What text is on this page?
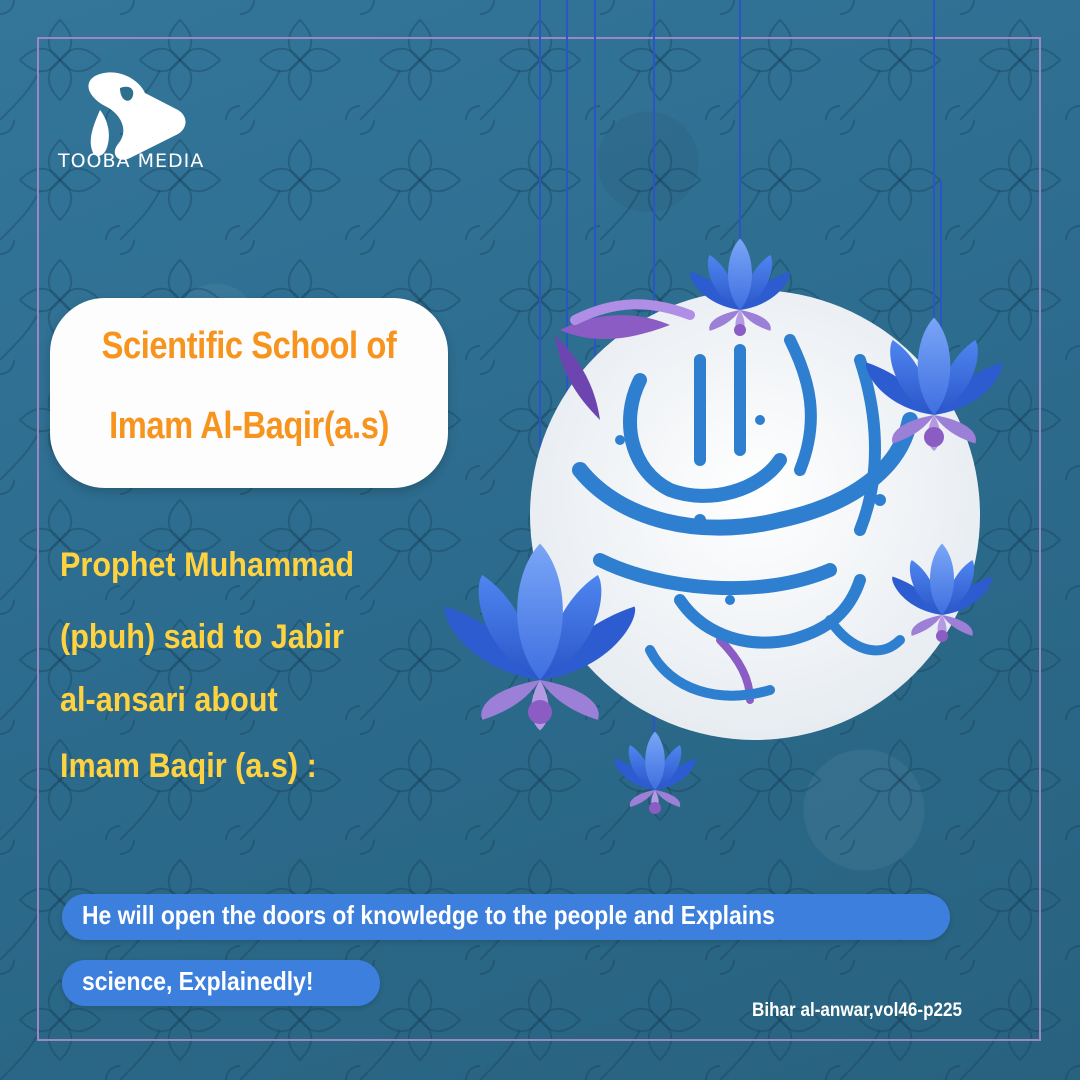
TOOBA MEDIA
Scientific School of
Imam Al-Baqir(a.s)
Prophet Muhammad
(pbuh) said to Jabir
al-ansari about
Imam Baqir (a.s) :
He will open the doors of knowledge to the people and Explains
science, Explainedly!
Bihar al-anwar,vol46-p225
